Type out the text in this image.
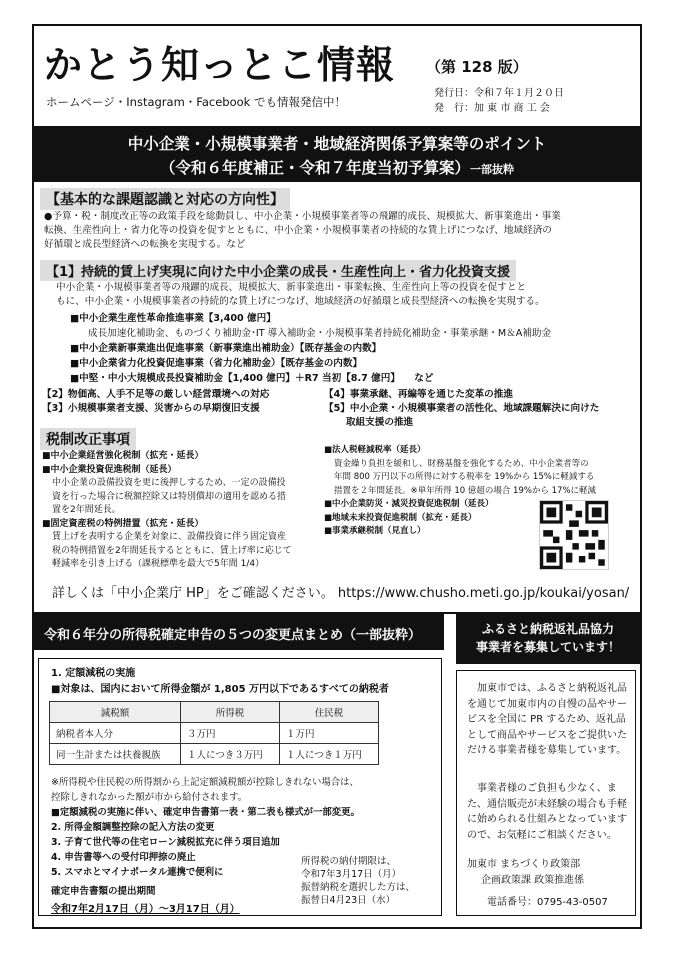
かとう知っとこ情報 （第 128 版）
ホームページ・Instagram・Facebook でも情報発信中！
発行日：令和７年１月２０日
発　行：加 東 市 商 工 会
中小企業・小規模事業者・地域経済関係予算案等のポイント
（令和６年度補正・令和７年度当初予算案）一部抜粋
【基本的な課題認識と対応の方向性】
●予算・税・制度改正等の政策手段を総動員し、中小企業・小規模事業者等の飛躍的成長、規模拡大、新事業進出・事業
転換、生産性向上・省力化等の投資を促すとともに、中小企業・小規模事業者の持続的な賃上げにつなげ、地域経済の
好循環と成長型経済への転換を実現する。など
【1】持続的賃上げ実現に向けた中小企業の成長・生産性向上・省力化投資支援
中小企業・小規模事業者等の飛躍的成長、規模拡大、新事業進出・事業転換、生産性向上等の投資を促すとと
もに、中小企業・小規模事業者の持続的な賃上げにつなげ、地域経済の好循環と成長型経済への転換を実現する。
■中小企業生産性革命推進事業【3,400 億円】
成長加速化補助金、ものづくり補助金･IT 導入補助金・小規模事業者持続化補助金・事業承継・M＆A補助金
■中小企業新事業進出促進事業（新事業進出補助金）【既存基金の内数】
■中小企業省力化投資促進事業（省力化補助金）【既存基金の内数】
■中堅・中小大規模成長投資補助金【1,400 億円】＋R7 当初【8.7 億円】　　など
【2】物価高、人手不足等の厳しい経営環境への対応
【3】小規模事業者支援、災害からの早期復旧支援
【4】事業承継、再編等を通じた変革の推進
【5】中小企業・小規模事業者の活性化、地域課題解決に向けた
取組支援の推進
税制改正事項
■中小企業経営強化税制（拡充・延長）
■中小企業投資促進税制（延長）
中小企業の設備投資を更に後押しするため、一定の設備投
資を行った場合に税額控除又は特別償却の適用を認める措
置を2年間延長。
■固定資産税の特例措置（拡充・延長）
賃上げを表明する企業を対象に、設備投資に伴う固定資産
税の特例措置を2年間延長するとともに、賃上げ率に応じて
軽減率を引き上げる（課税標準を最大で5年間 1/4）
■法人税軽減税率（延長）
資金繰り負担を緩和し、財務基盤を強化するため、中小企業者等の
年間 800 万円以下の所得に対する税率を 19%から 15%に軽減する
措置を２年間延長。※単年所得 10 億超の場合 19%から 17%に軽減
■中小企業防災・減災投資促進税制（延長）
■地域未来投資促進税制（拡充・延長）
■事業承継税制（見直し）
詳しくは「中小企業庁 HP」をご確認ください。 https://www.chusho.meti.go.jp/koukai/yosan/
令和６年分の所得税確定申告の５つの変更点まとめ（一部抜粋）
1. 定額減税の実施
■対象は、国内において所得金額が 1,805 万円以下であるすべての納税者
減税額	所得税	住民税
納税者本人分	３万円	１万円
同一生計または扶養親族	１人につき３万円	１人につき１万円
※所得税や住民税の所得割から上記定額減税額が控除しきれない場合は、
控除しきれなかった額が市から給付されます。
■定額減税の実施に伴い、確定申告書第一表・第二表も様式が一部変更。
2. 所得金額調整控除の記入方法の変更
3. 子育て世代等の住宅ローン減税拡充に伴う項目追加
4. 申告書等への受付印押捺の廃止
5. スマホとマイナポータル連携で便利に
確定申告書類の提出期間
令和7年2月17日（月）～3月17日（月）
所得税の納付期限は、
令和7年3月17日（月）
振替納税を選択した方は、
振替日4月23日（水）
ふるさと納税返礼品協力
事業者を募集しています！
加東市では、ふるさと納税返礼品を通じて加東市内の自慢の品やサービスを全国に PR するため、返礼品として商品やサービスをご提供いただける事業者様を募集しています。
事業者様のご負担も少なく、また、通信販売が未経験の場合も手軽に始められる仕組みとなっていますので、お気軽にご相談ください。
加東市 まちづくり政策部
企画政策課 政策推進係
電話番号：0795-43-0507
